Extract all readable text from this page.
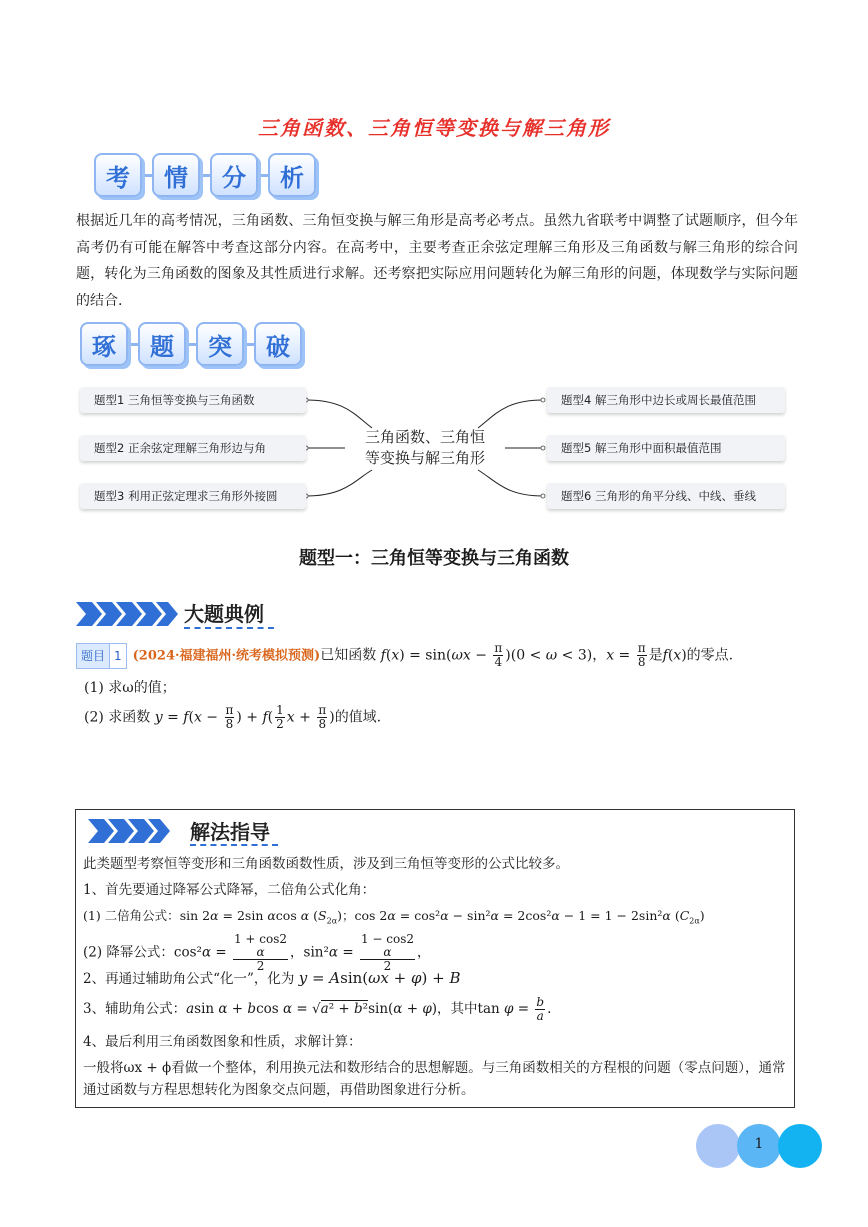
三角函数、三角恒等变换与解三角形
考	情	分	析
根据近几年的高考情况，三角函数、三角恒变换与解三角形是高考必考点。虽然九省联考中调整了试题顺序，但今年高考仍有可能在解答中考查这部分内容。在高考中，主要考查正余弦定理解三角形及三角函数与解三角形的综合问题，转化为三角函数的图象及其性质进行求解。还考察把实际应用问题转化为解三角形的问题，体现数学与实际问题的结合.
琢	题	突	破
题型1 三角恒等变换与三角函数
题型2 正余弦定理解三角形边与角
题型3 利用正弦定理求三角形外接圆
题型4 解三角形中边长或周长最值范围
题型5 解三角形中面积最值范围
题型6 三角形的角平分线、中线、垂线
三角函数、三角恒
等变换与解三角形
题型一：三角恒等变换与三角函数
大题典例
题目 1 (2024·福建福州·统考模拟预测)已知函数 $f(x) = \sin(\omega x - \frac{\pi}{4} )(0 < \omega < 3)$，$x = \frac{\pi}{8}$ 是f(x)的零点.
(1) 求ω的值；
(2) 求函数 $y = f(x - \frac{\pi}{8}$ ) + $f( \frac{1}{2}$ $x + \frac{\pi}{8}$ )的值域.
解法指导
此类题型考察恒等变形和三角函数函数性质，涉及到三角恒等变形的公式比较多。
1、首先要通过降幂公式降幂，二倍角公式化角：
(1) 二倍角公式：sin 2α = 2sin αcos α $(S_{2\alpha})$；cos 2α = cos²α − sin²α = 2cos²α − 1 = 1 − 2sin²α $(C_{2\alpha})$
(2) 降幂公式：cos²α = 1 + cos2
α
2 ，sin²α = 1 − cos2
α
2 ，
2、再通过辅助角公式“化一”，化为 y = Asin(ωx + φ) + B
3、辅助角公式：asin α + bcos α = √a² + b²sin(α + φ)，其中$\tan \varphi = \frac{b}{a}$ .
4、最后利用三角函数图象和性质，求解计算：
一般将ωx + ϕ看做一个整体，利用换元法和数形结合的思想解题。与三角函数相关的方程根的问题（零点问题），通常通过函数与方程思想转化为图象交点问题，再借助图象进行分析。
1
